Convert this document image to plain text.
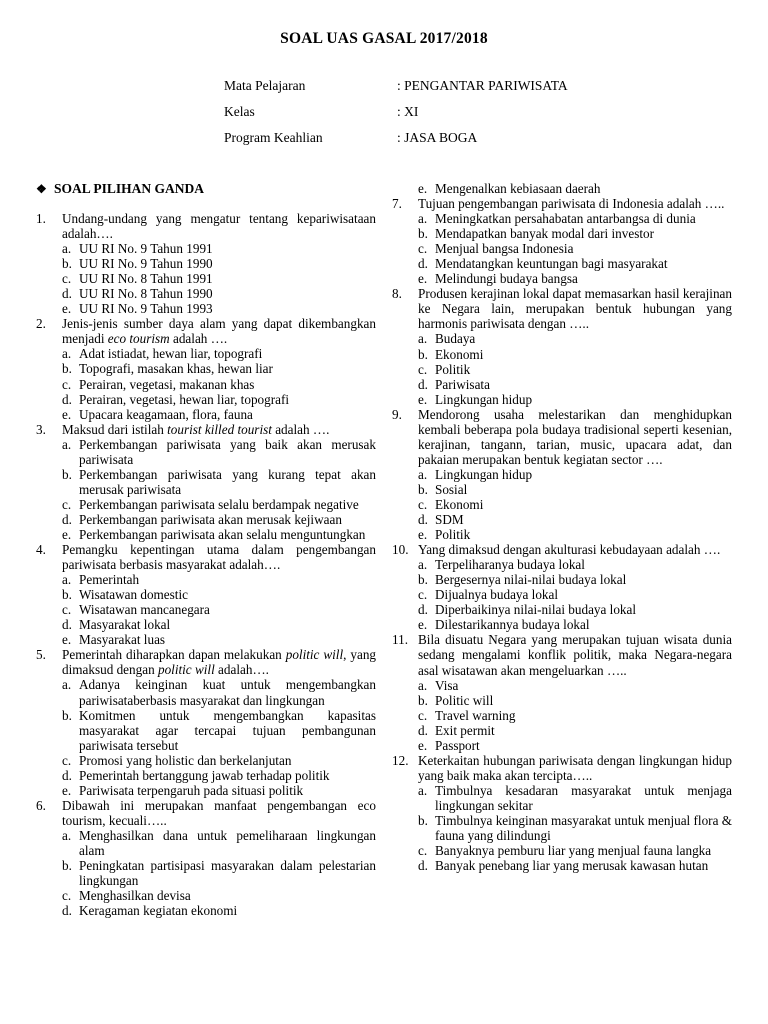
SOAL UAS GASAL 2017/2018
Mata Pelajaran	: PENGANTAR PARIWISATA
Kelas	: XI
Program Keahlian	: JASA BOGA
❖ SOAL PILIHAN GANDA
1. Undang-undang yang mengatur tentang kepariwisataan adalah….
a. UU RI No. 9 Tahun 1991
b. UU RI No. 9 Tahun 1990
c. UU RI No. 8 Tahun 1991
d. UU RI No. 8 Tahun 1990
e. UU RI No. 9 Tahun 1993
2. Jenis-jenis sumber daya alam yang dapat dikembangkan menjadi eco tourism adalah ….
a. Adat istiadat, hewan liar, topografi
b. Topografi, masakan khas, hewan liar
c. Perairan, vegetasi, makanan khas
d. Perairan, vegetasi, hewan liar, topografi
e. Upacara keagamaan, flora, fauna
3. Maksud dari istilah tourist killed tourist adalah ….
a. Perkembangan pariwisata yang baik akan merusak pariwisata
b. Perkembangan pariwisata yang kurang tepat akan merusak pariwisata
c. Perkembangan pariwisata selalu berdampak negative
d. Perkembangan pariwisata akan merusak kejiwaan
e. Perkembangan pariwisata akan selalu menguntungkan
4. Pemangku kepentingan utama dalam pengembangan pariwisata berbasis masyarakat adalah….
a. Pemerintah
b. Wisatawan domestic
c. Wisatawan mancanegara
d. Masyarakat lokal
e. Masyarakat luas
5. Pemerintah diharapkan dapan melakukan politic will, yang dimaksud dengan politic will adalah….
a. Adanya keinginan kuat untuk mengembangkan pariwisataberbasis masyarakat dan lingkungan
b. Komitmen untuk mengembangkan kapasitas masyarakat agar tercapai tujuan pembangunan pariwisata tersebut
c. Promosi yang holistic dan berkelanjutan
d. Pemerintah bertanggung jawab terhadap politik
e. Pariwisata terpengaruh pada situasi politik
6. Dibawah ini merupakan manfaat pengembangan eco tourism, kecuali…..
a. Menghasilkan dana untuk pemeliharaan lingkungan alam
b. Peningkatan partisipasi masyarakan dalam pelestarian lingkungan
c. Menghasilkan devisa
d. Keragaman kegiatan ekonomi
e. Mengenalkan kebiasaan daerah
7. Tujuan pengembangan pariwisata di Indonesia adalah …..
a. Meningkatkan persahabatan antarbangsa di dunia
b. Mendapatkan banyak modal dari investor
c. Menjual bangsa Indonesia
d. Mendatangkan keuntungan bagi masyarakat
e. Melindungi budaya bangsa
8. Produsen kerajinan lokal dapat memasarkan hasil kerajinan ke Negara lain, merupakan bentuk hubungan yang harmonis pariwisata dengan …..
a. Budaya
b. Ekonomi
c. Politik
d. Pariwisata
e. Lingkungan hidup
9. Mendorong usaha melestarikan dan menghidupkan kembali beberapa pola budaya tradisional seperti kesenian, kerajinan, tangann, tarian, music, upacara adat, dan pakaian merupakan bentuk kegiatan sector ….
a. Lingkungan hidup
b. Sosial
c. Ekonomi
d. SDM
e. Politik
10. Yang dimaksud dengan akulturasi kebudayaan adalah ….
a. Terpeliharanya budaya lokal
b. Bergesernya nilai-nilai budaya lokal
c. Dijualnya budaya lokal
d. Diperbaikinya nilai-nilai budaya lokal
e. Dilestarikannya budaya lokal
11. Bila disuatu Negara yang merupakan tujuan wisata dunia sedang mengalami konflik politik, maka Negara-negara asal wisatawan akan mengeluarkan …..
a. Visa
b. Politic will
c. Travel warning
d. Exit permit
e. Passport
12. Keterkaitan hubungan pariwisata dengan lingkungan hidup yang baik maka akan tercipta…..
a. Timbulnya kesadaran masyarakat untuk menjaga lingkungan sekitar
b. Timbulnya keinginan masyarakat untuk menjual flora & fauna yang dilindungi
c. Banyaknya pemburu liar yang menjual fauna langka
d. Banyak penebang liar yang merusak kawasan hutan
